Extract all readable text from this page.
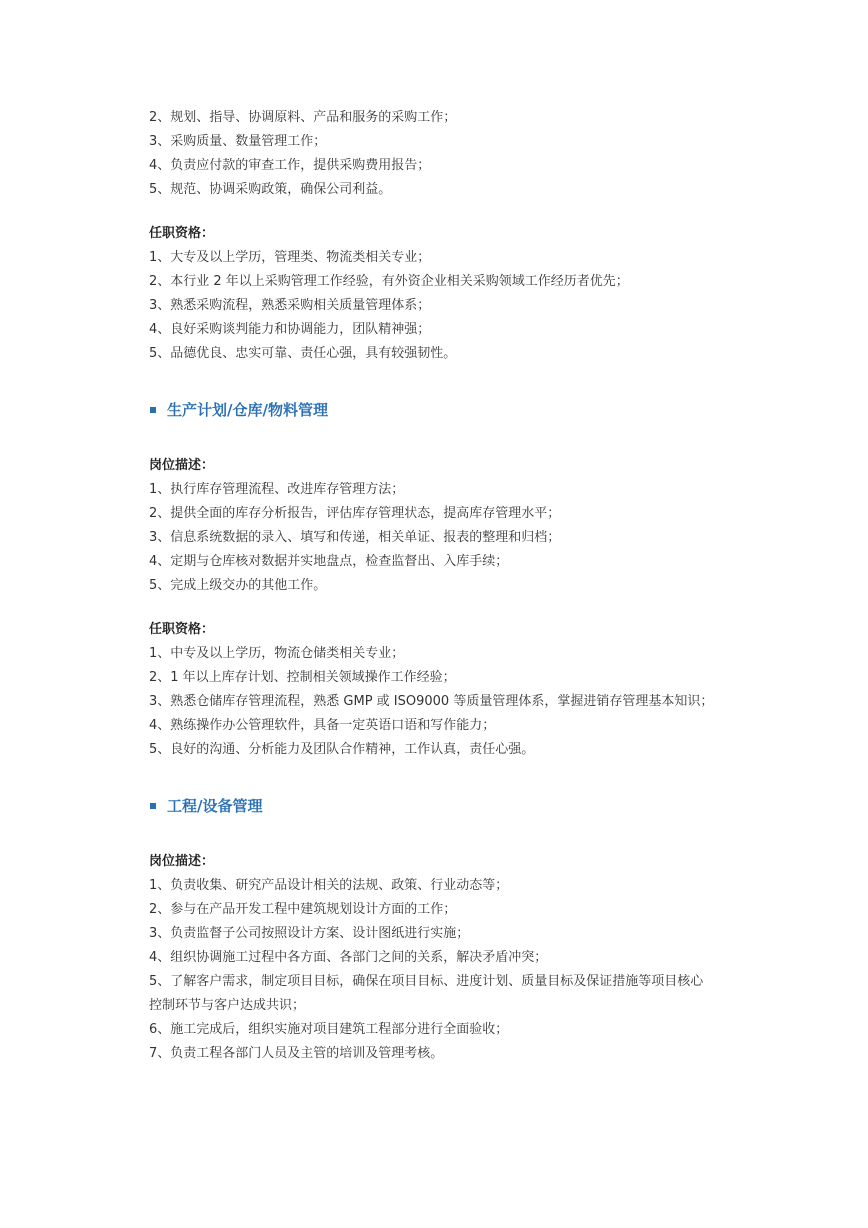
2、规划、指导、协调原料、产品和服务的采购工作；
3、采购质量、数量管理工作；
4、负责应付款的审查工作，提供采购费用报告；
5、规范、协调采购政策，确保公司利益。
任职资格：
1、大专及以上学历，管理类、物流类相关专业；
2、本行业 2 年以上采购管理工作经验，有外资企业相关采购领域工作经历者优先；
3、熟悉采购流程，熟悉采购相关质量管理体系；
4、良好采购谈判能力和协调能力，团队精神强；
5、品德优良、忠实可靠、责任心强，具有较强韧性。
生产计划/仓库/物料管理
岗位描述：
1、执行库存管理流程、改进库存管理方法；
2、提供全面的库存分析报告，评估库存管理状态，提高库存管理水平；
3、信息系统数据的录入、填写和传递，相关单证、报表的整理和归档；
4、定期与仓库核对数据并实地盘点，检查监督出、入库手续；
5、完成上级交办的其他工作。
任职资格：
1、中专及以上学历，物流仓储类相关专业；
2、1 年以上库存计划、控制相关领域操作工作经验；
3、熟悉仓储库存管理流程，熟悉 GMP 或 ISO9000 等质量管理体系，掌握进销存管理基本知识；
4、熟练操作办公管理软件，具备一定英语口语和写作能力；
5、良好的沟通、分析能力及团队合作精神，工作认真，责任心强。
工程/设备管理
岗位描述：
1、负责收集、研究产品设计相关的法规、政策、行业动态等；
2、参与在产品开发工程中建筑规划设计方面的工作；
3、负责监督子公司按照设计方案、设计图纸进行实施；
4、组织协调施工过程中各方面、各部门之间的关系，解决矛盾冲突；
5、了解客户需求，制定项目目标，确保在项目目标、进度计划、质量目标及保证措施等项目核心
控制环节与客户达成共识；
6、施工完成后，组织实施对项目建筑工程部分进行全面验收；
7、负责工程各部门人员及主管的培训及管理考核。
